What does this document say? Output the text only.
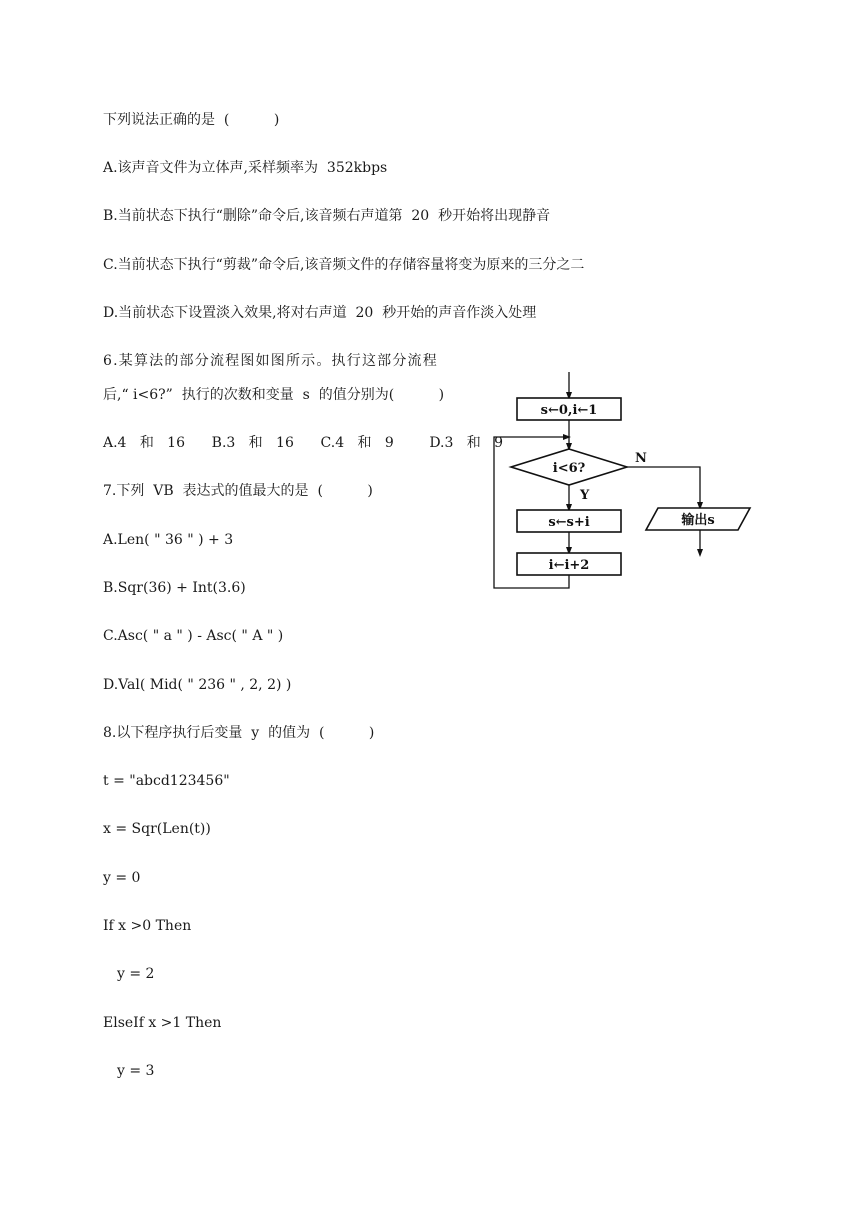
下列说法正确的是  (          )

A.该声音文件为立体声,采样频率为  352kbps

B.当前状态下执行“删除”命令后,该音频右声道第  20  秒开始将出现静音

C.当前状态下执行“剪裁”命令后,该音频文件的存储容量将变为原来的三分之二

D.当前状态下设置淡入效果,将对右声道  20  秒开始的声音作淡入处理

6.某算法的部分流程图如图所示。执行这部分流程

后,“ i<6?”  执行的次数和变量  s  的值分别为(          )

A.4   和   16      B.3   和   16      C.4   和   9        D.3   和   9

s←0,i←1
i<6?
N
输出s
Y
s←s+i
i←i+2

7.下列  VB  表达式的值最大的是  (          )

A.Len( " 36 " ) + 3

B.Sqr(36) + Int(3.6)

C.Asc( " a " ) - Asc( " A " )

D.Val( Mid( " 236 " , 2, 2) )

8.以下程序执行后变量  y  的值为  (          )

t = "abcd123456"

x = Sqr(Len(t))

y = 0

If x >0 Then

y = 2

ElseIf x >1 Then

y = 3
